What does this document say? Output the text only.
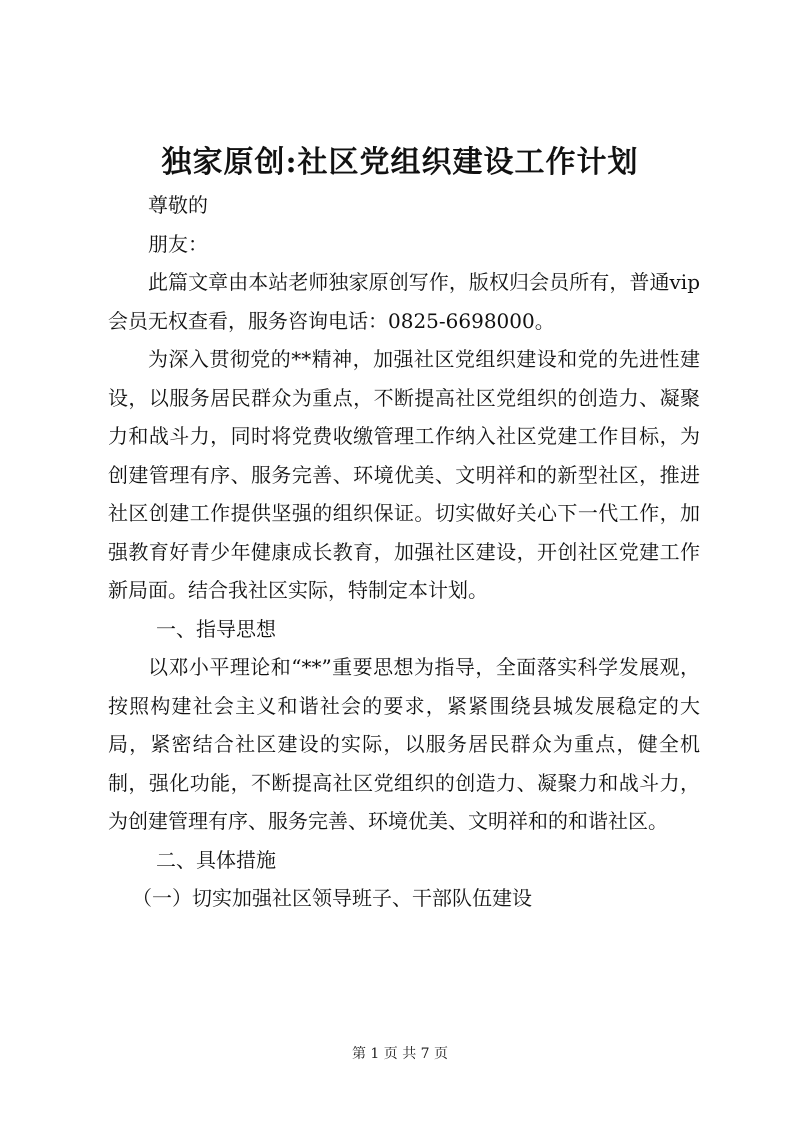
独家原创:社区党组织建设工作计划

尊敬的

朋友：

此篇文章由本站老师独家原创写作，版权归会员所有，普通vip会员无权查看，服务咨询电话：0825-6698000。

为深入贯彻党的**精神，加强社区党组织建设和党的先进性建设，以服务居民群众为重点，不断提高社区党组织的创造力、凝聚力和战斗力，同时将党费收缴管理工作纳入社区党建工作目标，为创建管理有序、服务完善、环境优美、文明祥和的新型社区，推进社区创建工作提供坚强的组织保证。切实做好关心下一代工作，加强教育好青少年健康成长教育，加强社区建设，开创社区党建工作新局面。结合我社区实际，特制定本计划。

一、指导思想

以邓小平理论和“**”重要思想为指导，全面落实科学发展观，按照构建社会主义和谐社会的要求，紧紧围绕县城发展稳定的大局，紧密结合社区建设的实际，以服务居民群众为重点，健全机制，强化功能，不断提高社区党组织的创造力、凝聚力和战斗力，为创建管理有序、服务完善、环境优美、文明祥和的和谐社区。

二、具体措施

（一）切实加强社区领导班子、干部队伍建设

第 1 页 共 7 页
